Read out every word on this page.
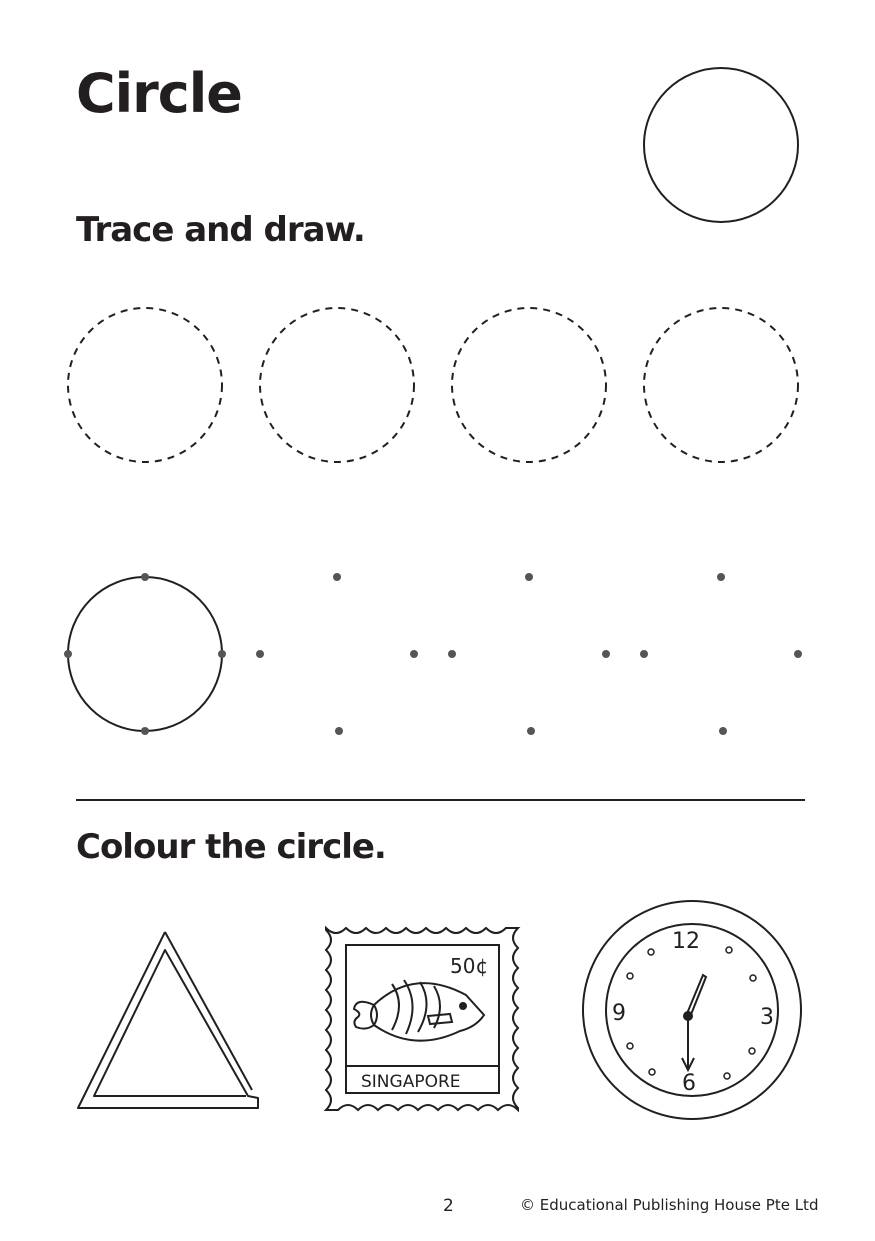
Circle
Trace and draw.
Colour the circle.
50¢
SINGAPORE
12
3
6
9
2	© Educational Publishing House Pte Ltd
